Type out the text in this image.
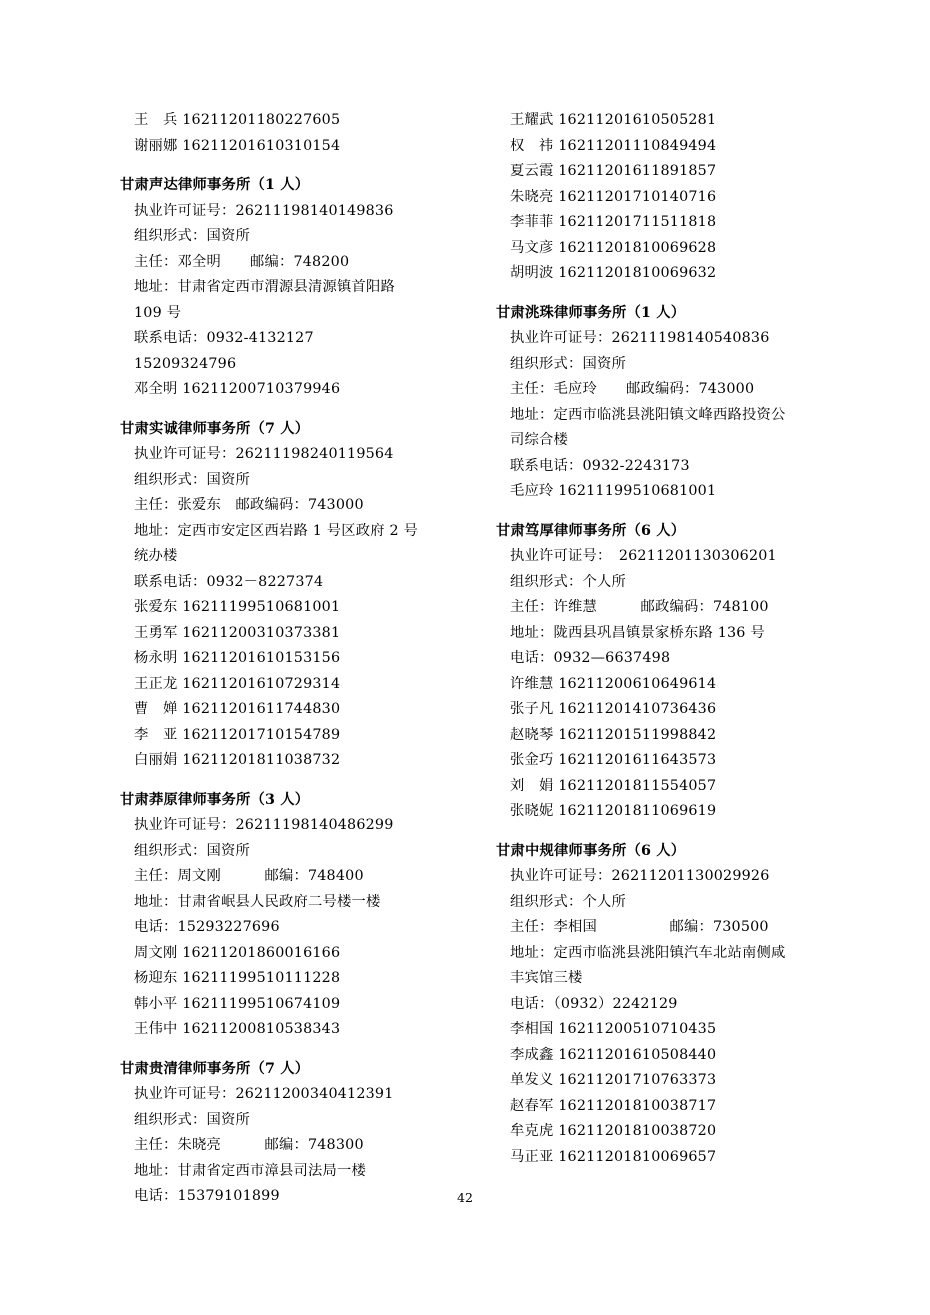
王　兵 16211201180227605
谢丽娜 16211201610310154
甘肃声达律师事务所（1 人）
执业许可证号：26211198140149836
组织形式：国资所
主任：邓全明　　邮编：748200
地址：甘肃省定西市渭源县清源镇首阳路
109 号
联系电话：0932-4132127　　15209324796
邓全明 16211200710379946
甘肃实诚律师事务所（7 人）
执业许可证号：26211198240119564
组织形式：国资所
主任：张爱东　邮政编码：743000
地址：定西市安定区西岩路 1 号区政府 2 号
统办楼
联系电话：0932－8227374
张爱东 16211199510681001
王勇军 16211200310373381
杨永明 16211201610153156
王正龙 16211201610729314
曹　婵 16211201611744830
李　亚 16211201710154789
白丽娟 16211201811038732
甘肃莽原律师事务所（3 人）
执业许可证号：26211198140486299
组织形式：国资所
主任：周文刚　　　邮编：748400
地址：甘肃省岷县人民政府二号楼一楼
电话：15293227696
周文刚 16211201860016166
杨迎东 16211199510111228
韩小平 16211199510674109
王伟中 16211200810538343
甘肃贵清律师事务所（7 人）
执业许可证号：26211200340412391
组织形式：国资所
主任：朱晓亮　　　邮编：748300
地址：甘肃省定西市漳县司法局一楼
电话：15379101899
王耀武 16211201610505281
权　祎 16211201110849494
夏云霞 16211201611891857
朱晓亮 16211201710140716
李菲菲 16211201711511818
马文彦 16211201810069628
胡明波 16211201810069632
甘肃洮珠律师事务所（1 人）
执业许可证号：26211198140540836
组织形式：国资所
主任：毛应玲　　邮政编码：743000
地址：定西市临洮县洮阳镇文峰西路投资公
司综合楼
联系电话：0932-2243173
毛应玲 16211199510681001
甘肃笃厚律师事务所（6 人）
执业许可证号：　26211201130306201
组织形式：个人所
主任：许维慧　　　邮政编码：748100
地址：陇西县巩昌镇景家桥东路 136 号
电话：0932—6637498
许维慧 16211200610649614
张子凡 16211201410736436
赵晓琴 16211201511998842
张金巧 16211201611643573
刘　娟 16211201811554057
张晓妮 16211201811069619
甘肃中规律师事务所（6 人）
执业许可证号：26211201130029926
组织形式：个人所
主任：李相国　　　　　邮编：730500
地址：定西市临洮县洮阳镇汽车北站南侧咸
丰宾馆三楼
电话：（0932）2242129
李相国 16211200510710435
李成鑫 16211201610508440
单发义 16211201710763373
赵春军 16211201810038717
牟克虎 16211201810038720
马正亚 16211201810069657
42
